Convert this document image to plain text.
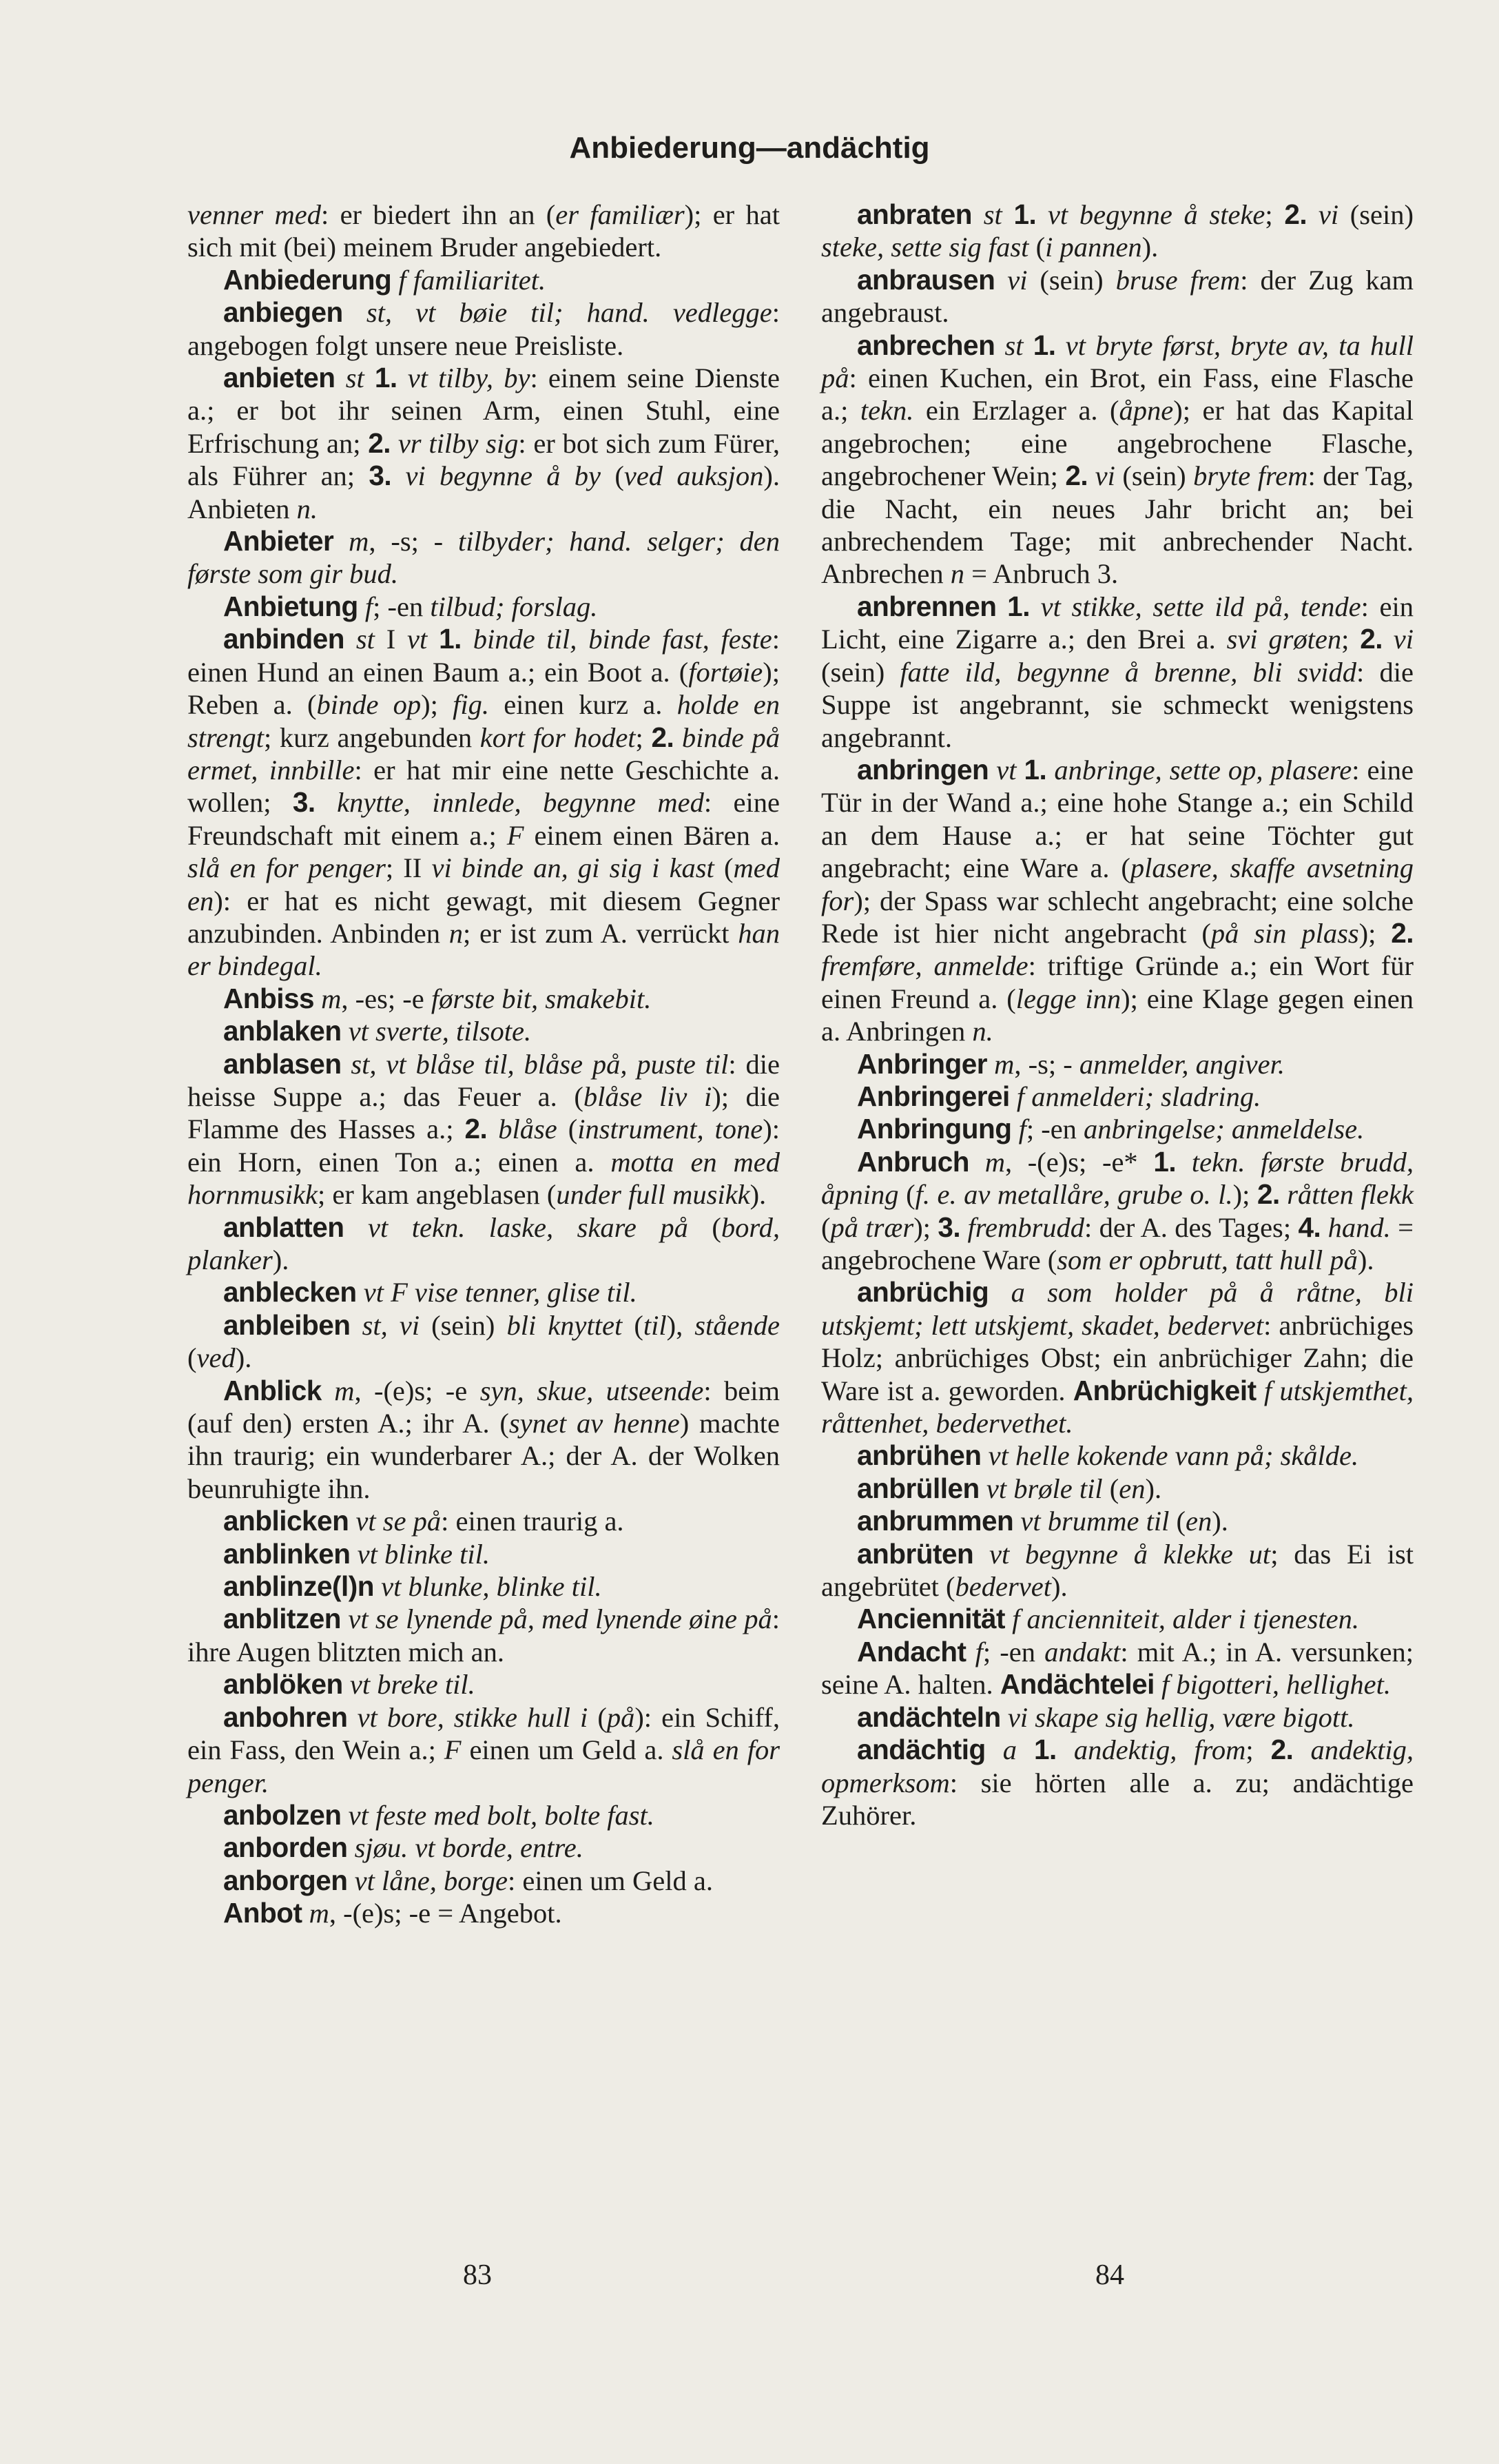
Anbiederung—andächtig

venner med: er biedert ihn an (er familiær); er hat sich mit (bei) meinem Bruder angebiedert.

Anbiederung f familiaritet.

anbiegen st, vt bøie til; hand. vedlegge: angebogen folgt unsere neue Preisliste.

anbieten st 1. vt tilby, by: einem seine Dienste a.; er bot ihr seinen Arm, einen Stuhl, eine Erfrischung an; 2. vr tilby sig: er bot sich zum Fürer, als Führer an; 3. vi begynne å by (ved auksjon). Anbieten n.

Anbieter m, -s; - tilbyder; hand. selger; den første som gir bud.

Anbietung f; -en tilbud; forslag.

anbinden st I vt 1. binde til, binde fast, feste: einen Hund an einen Baum a.; ein Boot a. (fortøie); Reben a. (binde op); fig. einen kurz a. holde en strengt; kurz angebunden kort for hodet; 2. binde på ermet, innbille: er hat mir eine nette Geschichte a. wollen; 3. knytte, innlede, begynne med: eine Freundschaft mit einem a.; F einem einen Bären a. slå en for penger; II vi binde an, gi sig i kast (med en): er hat es nicht gewagt, mit diesem Gegner anzubinden. Anbinden n; er ist zum A. verrückt han er bindegal.

Anbiss m, -es; -e første bit, smakebit.

anblaken vt sverte, tilsote.

anblasen st, vt blåse til, blåse på, puste til: die heisse Suppe a.; das Feuer a. (blåse liv i); die Flamme des Hasses a.; 2. blåse (instrument, tone): ein Horn, einen Ton a.; einen a. motta en med hornmusikk; er kam angeblasen (under full musikk).

anblatten vt tekn. laske, skare på (bord, planker).

anblecken vt F vise tenner, glise til.

anbleiben st, vi (sein) bli knyttet (til), stående (ved).

Anblick m, -(e)s; -e syn, skue, utseende: beim (auf den) ersten A.; ihr A. (synet av henne) machte ihn traurig; ein wunderbarer A.; der A. der Wolken beunruhigte ihn.

anblicken vt se på: einen traurig a.

anblinken vt blinke til.

anblinze(l)n vt blunke, blinke til.

anblitzen vt se lynende på, med lynende øine på: ihre Augen blitzten mich an.

anblöken vt breke til.

anbohren vt bore, stikke hull i (på): ein Schiff, ein Fass, den Wein a.; F einen um Geld a. slå en for penger.

anbolzen vt feste med bolt, bolte fast.

anborden sjøu. vt borde, entre.

anborgen vt låne, borge: einen um Geld a.

Anbot m, -(e)s; -e = Angebot.

anbraten st 1. vt begynne å steke; 2. vi (sein) steke, sette sig fast (i pannen).

anbrausen vi (sein) bruse frem: der Zug kam angebraust.

anbrechen st 1. vt bryte først, bryte av, ta hull på: einen Kuchen, ein Brot, ein Fass, eine Flasche a.; tekn. ein Erzlager a. (åpne); er hat das Kapital angebrochen; eine angebrochene Flasche, angebrochener Wein; 2. vi (sein) bryte frem: der Tag, die Nacht, ein neues Jahr bricht an; bei anbrechendem Tage; mit anbrechender Nacht. Anbrechen n = Anbruch 3.

anbrennen 1. vt stikke, sette ild på, tende: ein Licht, eine Zigarre a.; den Brei a. svi grøten; 2. vi (sein) fatte ild, begynne å brenne, bli svidd: die Suppe ist angebrannt, sie schmeckt wenigstens angebrannt.

anbringen vt 1. anbringe, sette op, plasere: eine Tür in der Wand a.; eine hohe Stange a.; ein Schild an dem Hause a.; er hat seine Töchter gut angebracht; eine Ware a. (plasere, skaffe avsetning for); der Spass war schlecht angebracht; eine solche Rede ist hier nicht angebracht (på sin plass); 2. fremføre, anmelde: triftige Gründe a.; ein Wort für einen Freund a. (legge inn); eine Klage gegen einen a. Anbringen n.

Anbringer m, -s; - anmelder, angiver.

Anbringerei f anmelderi; sladring.

Anbringung f; -en anbringelse; anmeldelse.

Anbruch m, -(e)s; -e* 1. tekn. første brudd, åpning (f. e. av metallåre, grube o. l.); 2. råtten flekk (på trær); 3. frembrudd: der A. des Tages; 4. hand. = angebrochene Ware (som er opbrutt, tatt hull på).

anbrüchig a som holder på å råtne, bli utskjemt; lett utskjemt, skadet, bedervet: anbrüchiges Holz; anbrüchiges Obst; ein anbrüchiger Zahn; die Ware ist a. geworden. Anbrüchigkeit f utskjemthet, råttenhet, bedervethet.

anbrühen vt helle kokende vann på; skålde.

anbrüllen vt brøle til (en).

anbrummen vt brumme til (en).

anbrüten vt begynne å klekke ut; das Ei ist angebrütet (bedervet).

Anciennität f ancienniteit, alder i tjenesten.

Andacht f; -en andakt: mit A.; in A. versunken; seine A. halten. Andächtelei f bigotteri, hellighet.

andächteln vi skape sig hellig, være bigott.

andächtig a 1. andektig, from; 2. andektig, opmerksom: sie hörten alle a. zu; andächtige Zuhörer.

83	84
